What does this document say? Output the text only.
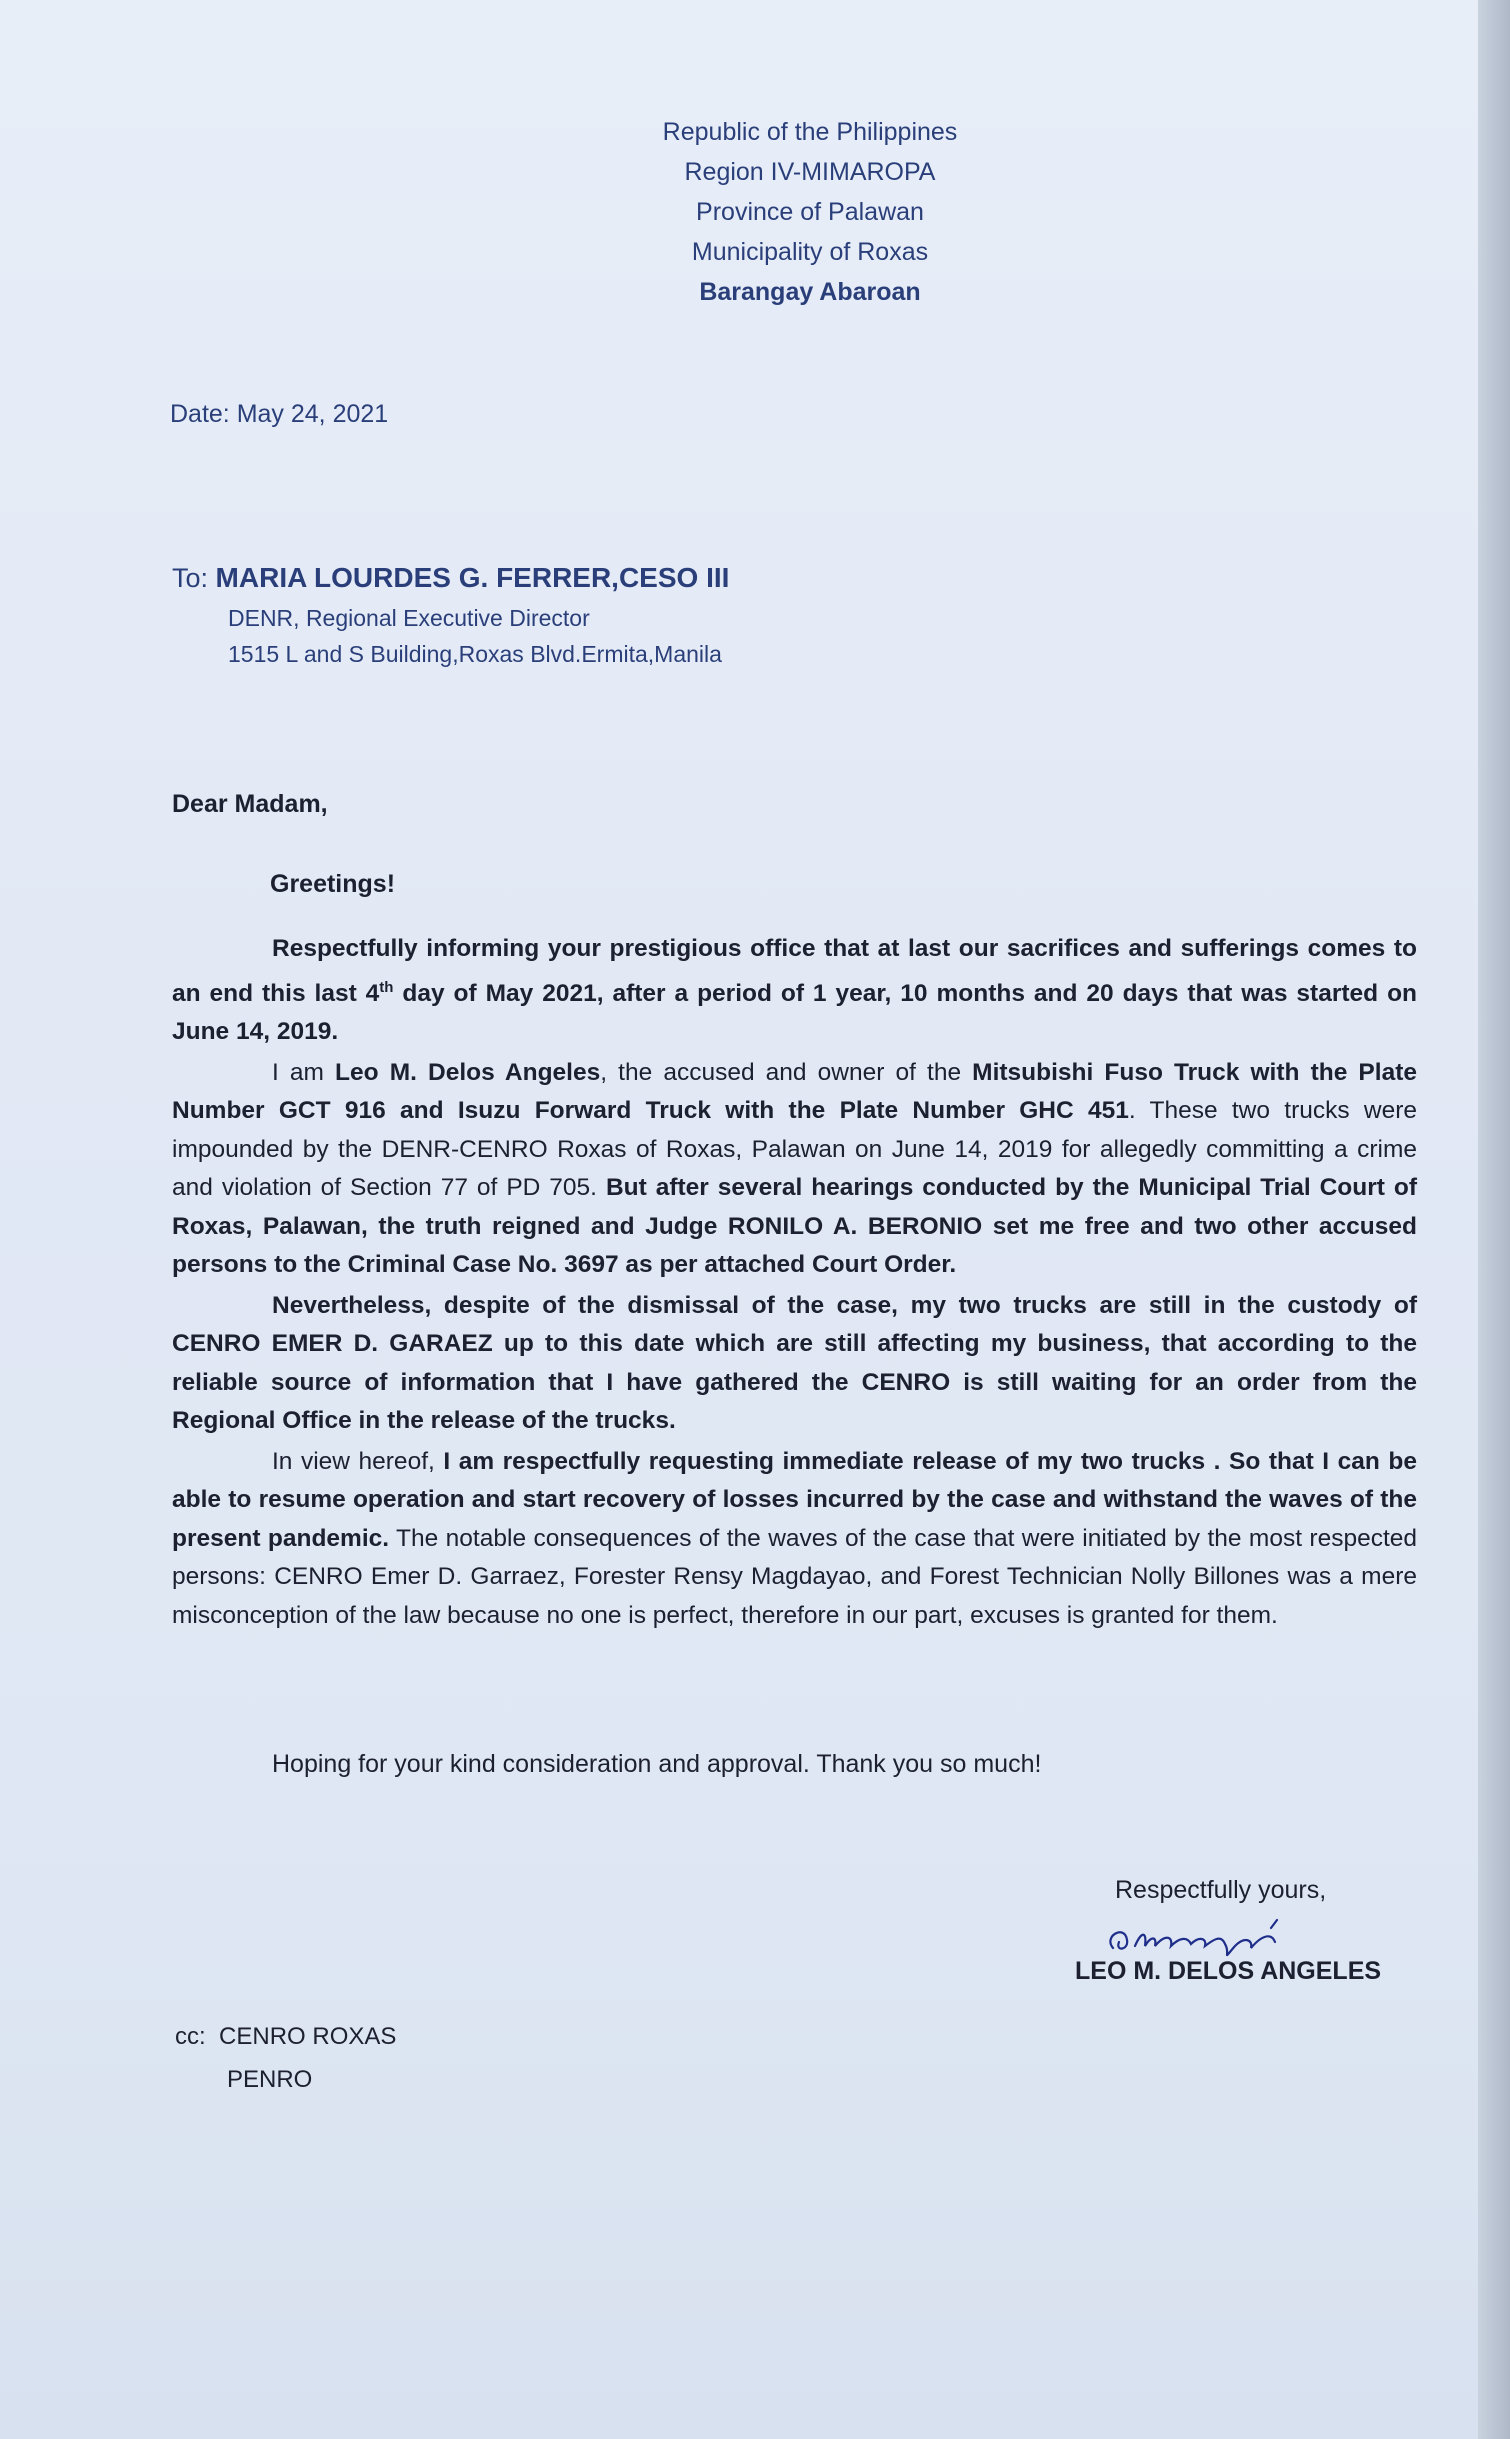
Republic of the Philippines
Region IV-MIMAROPA
Province of Palawan
Municipality of Roxas
Barangay Abaroan
Date: May 24, 2021
To: MARIA LOURDES G. FERRER,CESO III
DENR, Regional Executive Director
1515 L and S Building,Roxas Blvd.Ermita,Manila
Dear Madam,
Greetings!

Respectfully informing your prestigious office that at last our sacrifices and sufferings comes to an end this last 4th day of May 2021, after a period of 1 year, 10 months and 20 days that was started on June 14, 2019.

I am Leo M. Delos Angeles, the accused and owner of the Mitsubishi Fuso Truck with the Plate Number GCT 916 and Isuzu Forward Truck with the Plate Number GHC 451. These two trucks were impounded by the DENR-CENRO Roxas of Roxas, Palawan on June 14, 2019 for allegedly committing a crime and violation of Section 77 of PD 705. But after several hearings conducted by the Municipal Trial Court of Roxas, Palawan, the truth reigned and Judge RONILO A. BERONIO set me free and two other accused persons to the Criminal Case No. 3697 as per attached Court Order.

Nevertheless, despite of the dismissal of the case, my two trucks are still in the custody of CENRO EMER D. GARAEZ up to this date which are still affecting my business, that according to the reliable source of information that I have gathered the CENRO is still waiting for an order from the Regional Office in the release of the trucks.

In view hereof, I am respectfully requesting immediate release of my two trucks . So that I can be able to resume operation and start recovery of losses incurred by the case and withstand the waves of the present pandemic. The notable consequences of the waves of the case that were initiated by the most respected persons: CENRO Emer D. Garraez, Forester Rensy Magdayao, and Forest Technician Nolly Billones was a mere misconception of the law because no one is perfect, therefore in our part, excuses is granted for them.

Hoping for your kind consideration and approval. Thank you so much!
Respectfully yours,
LEO M. DELOS ANGELES
cc: CENRO ROXAS
PENRO
